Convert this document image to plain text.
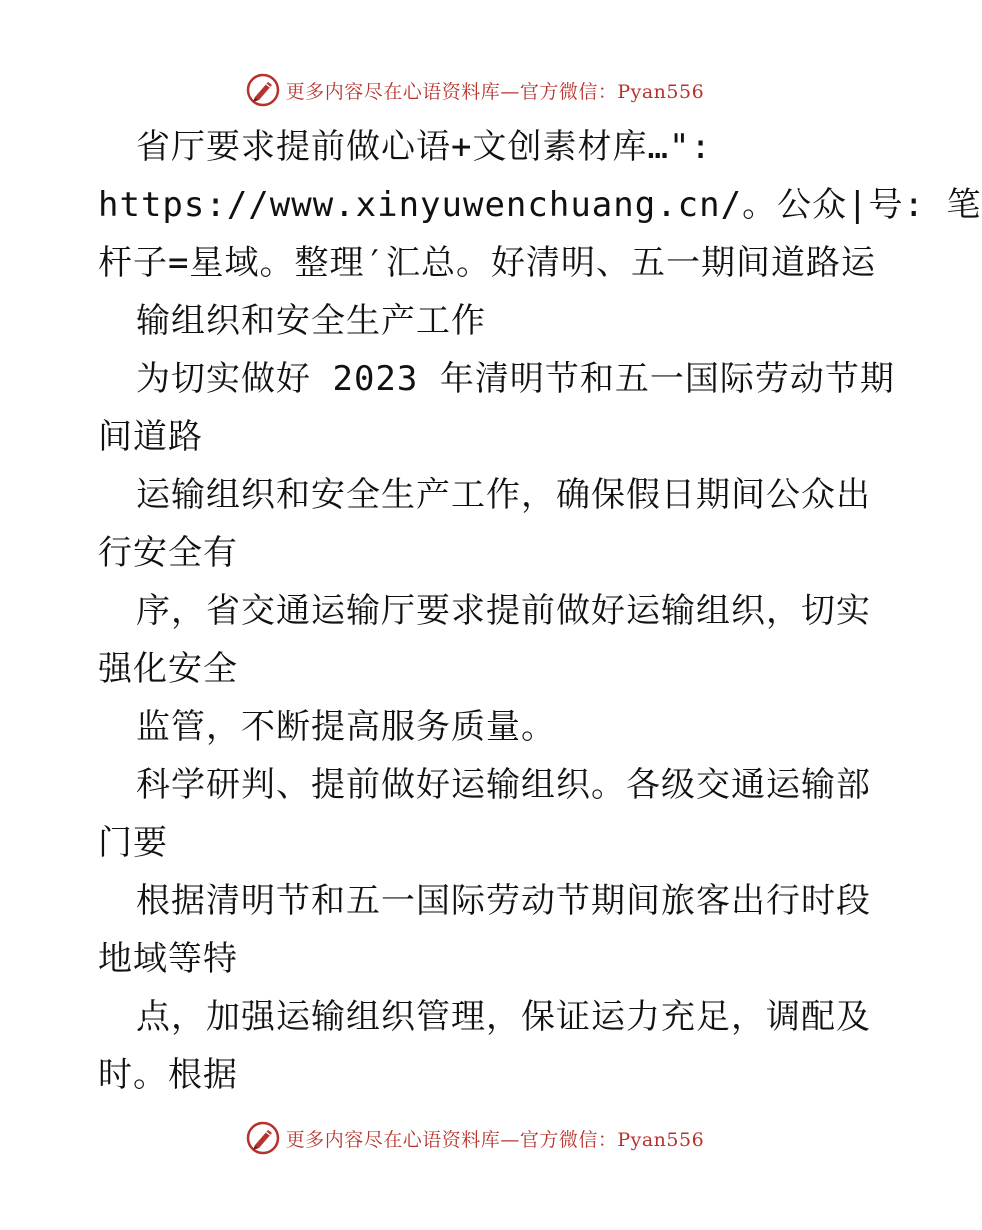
更多内容尽在心语资料库—官方微信：Pyan556
省厅要求提前做心语+文创素材库…":
https://www.xinyuwenchuang.cn/。公众|号: 笔
杆子=星域。整理′汇总。好清明、五一期间道路运
输组织和安全生产工作
为切实做好 2023 年清明节和五一国际劳动节期
间道路
运输组织和安全生产工作，确保假日期间公众出
行安全有
序，省交通运输厅要求提前做好运输组织，切实
强化安全
监管，不断提高服务质量。
科学研判、提前做好运输组织。各级交通运输部
门要
根据清明节和五一国际劳动节期间旅客出行时段
地域等特
点，加强运输组织管理，保证运力充足，调配及
时。根据
更多内容尽在心语资料库—官方微信：Pyan556
